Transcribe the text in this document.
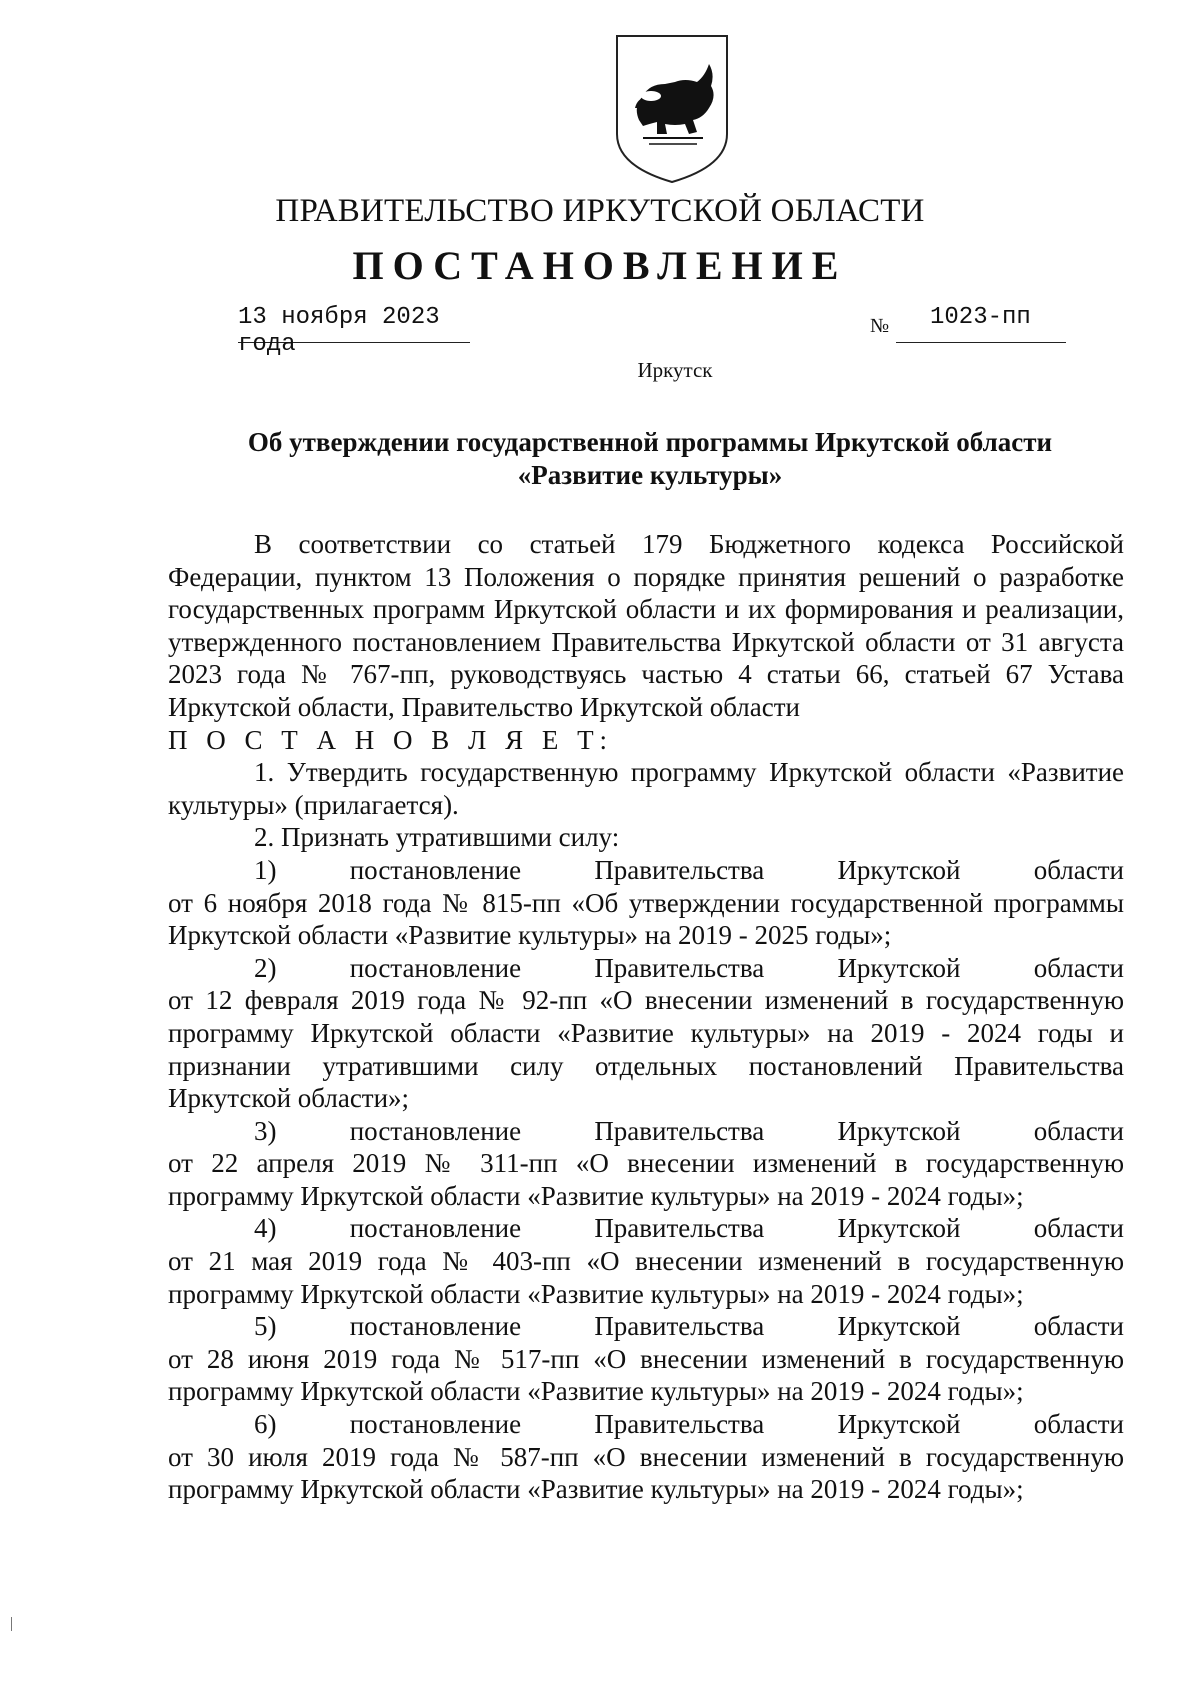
ПРАВИТЕЛЬСТВО ИРКУТСКОЙ ОБЛАСТИ
ПОСТАНОВЛЕНИЕ
13 ноября 2023 года
№ 1023-пп
Иркутск
Об утверждении государственной программы Иркутской области
«Развитие культуры»

В соответствии со статьей 179 Бюджетного кодекса Российской Федерации, пунктом 13 Положения о порядке принятия решений о разработке государственных программ Иркутской области и их формирования и реализации, утвержденного постановлением Правительства Иркутской области от 31 августа 2023 года № 767-пп, руководствуясь частью 4 статьи 66, статьей 67 Устава Иркутской области, Правительство Иркутской области

П О С Т А Н О В Л Я Е Т:

1. Утвердить государственную программу Иркутской области «Развитие культуры» (прилагается).

2. Признать утратившими силу:

1)	постановление	Правительства	Иркутской	области

от 6 ноября 2018 года № 815-пп «Об утверждении государственной программы Иркутской области «Развитие культуры» на 2019 - 2025 годы»;

2)	постановление	Правительства	Иркутской	области

от 12 февраля 2019 года № 92-пп «О внесении изменений в государственную программу Иркутской области «Развитие культуры» на 2019 - 2024 годы и признании утратившими силу отдельных постановлений Правительства Иркутской области»;

3)	постановление	Правительства	Иркутской	области

от 22 апреля 2019 № 311-пп «О внесении изменений в государственную программу Иркутской области «Развитие культуры» на 2019 - 2024 годы»;

4)	постановление	Правительства	Иркутской	области

от 21 мая 2019 года № 403-пп «О внесении изменений в государственную программу Иркутской области «Развитие культуры» на 2019 - 2024 годы»;

5)	постановление	Правительства	Иркутской	области

от 28 июня 2019 года № 517-пп «О внесении изменений в государственную программу Иркутской области «Развитие культуры» на 2019 - 2024 годы»;

6)	постановление	Правительства	Иркутской	области

от 30 июля 2019 года № 587-пп «О внесении изменений в государственную программу Иркутской области «Развитие культуры» на 2019 - 2024 годы»;
